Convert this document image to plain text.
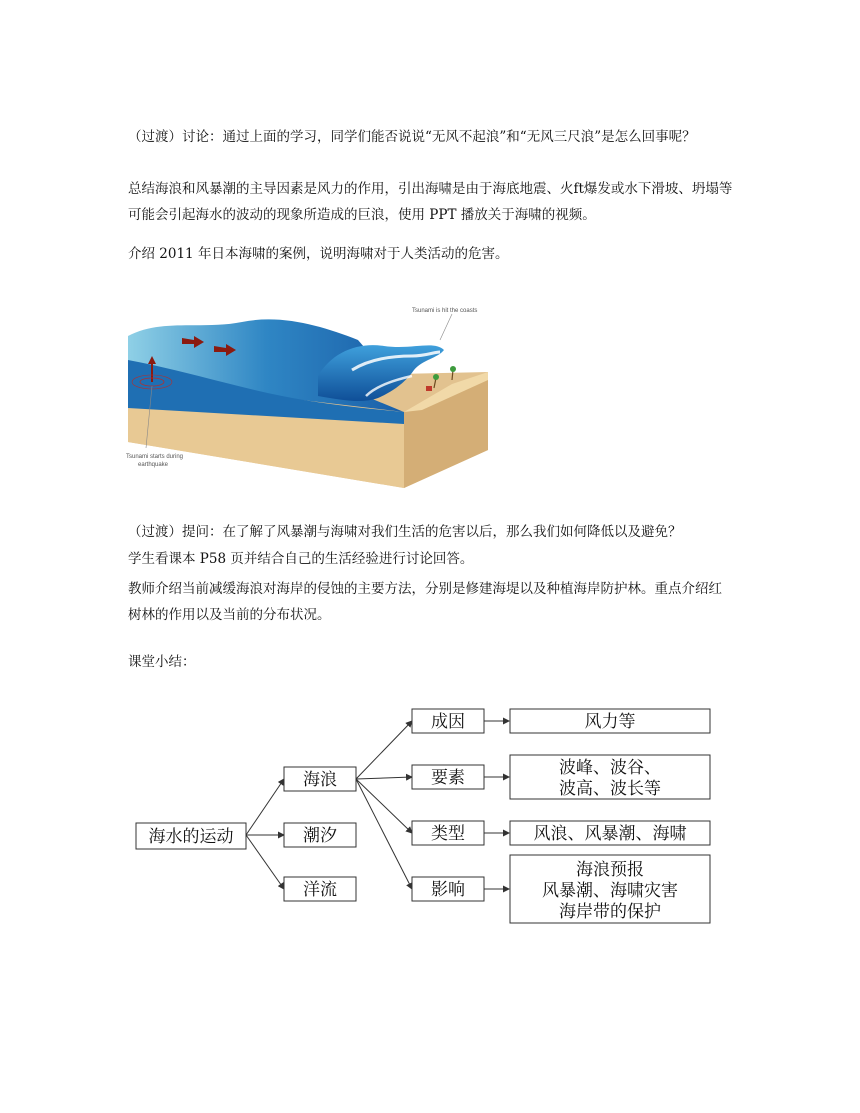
（过渡）讨论：通过上面的学习，同学们能否说说“无风不起浪”和“无风三尺浪”是怎么回事呢？

总结海浪和风暴潮的主导因素是风力的作用，引出海啸是由于海底地震、火ft爆发或水下滑坡、坍塌等可能会引起海水的波动的现象所造成的巨浪，使用 PPT 播放关于海啸的视频。

介绍 2011 年日本海啸的案例，说明海啸对于人类活动的危害。

Tsunami is hit the coasts
Tsunami starts during
earthquake

（过渡）提问：在了解了风暴潮与海啸对我们生活的危害以后，那么我们如何降低以及避免？

学生看课本 P58 页并结合自己的生活经验进行讨论回答。

教师介绍当前减缓海浪对海岸的侵蚀的主要方法，分别是修建海堤以及种植海岸防护林。重点介绍红树林的作用以及当前的分布状况。

课堂小结：

海水的运动
海浪
潮汐
洋流
成因
要素
类型
影响
风力等
波峰、波谷、
波高、波长等
风浪、风暴潮、海啸
海浪预报
风暴潮、海啸灾害
海岸带的保护
